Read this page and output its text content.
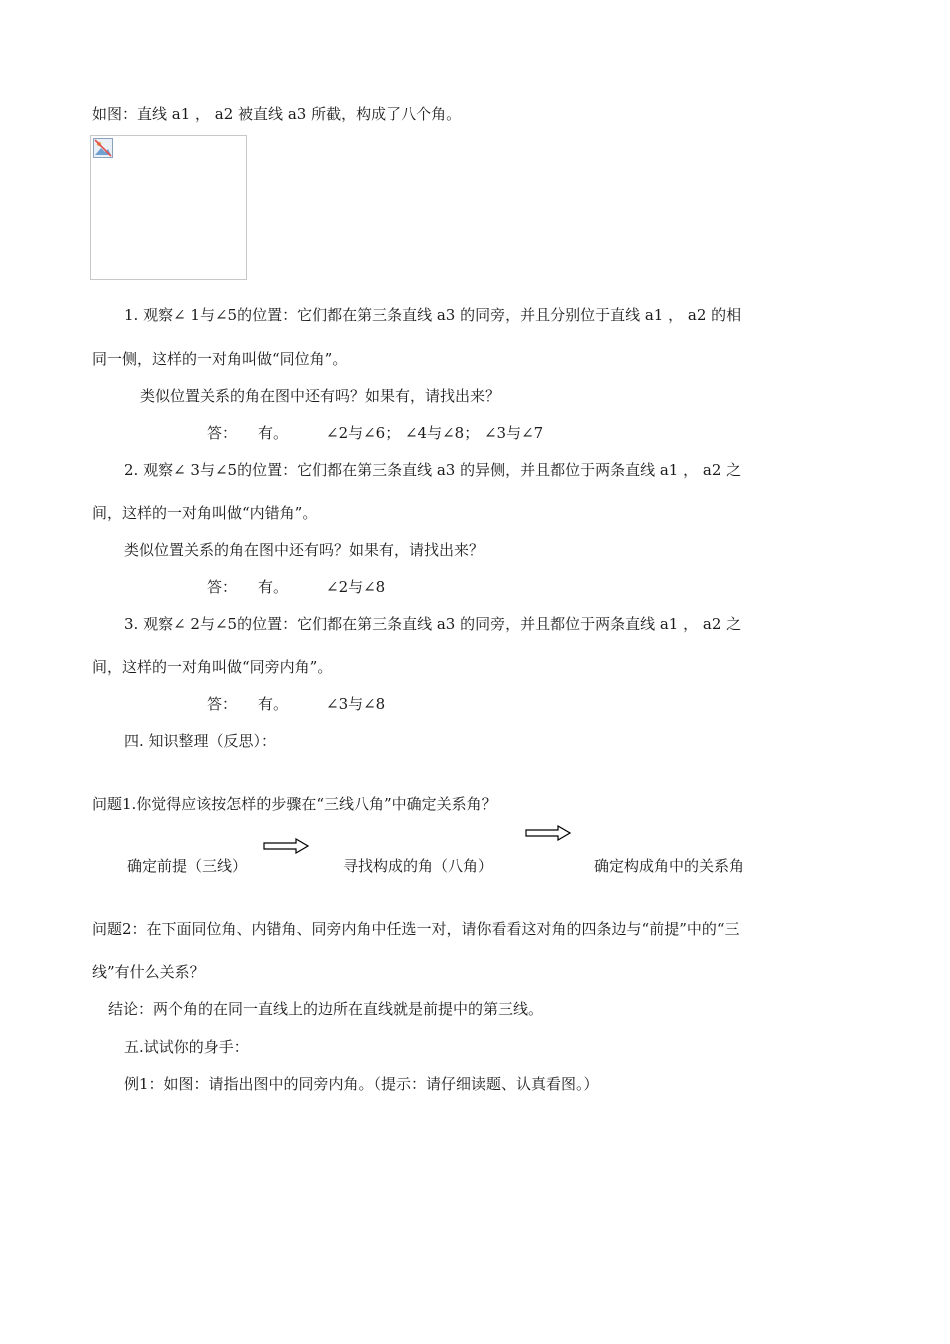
如图：直线 a1 ， a2 被直线 a3 所截，构成了八个角。
1. 观察∠ 1与∠5的位置：它们都在第三条直线 a3 的同旁，并且分别位于直线 a1 ， a2 的相
同一侧，这样的一对角叫做“同位角”。
类似位置关系的角在图中还有吗？如果有，请找出来？
答： 有。	∠2与∠6； ∠4与∠8； ∠3与∠7
2. 观察∠ 3与∠5的位置：它们都在第三条直线 a3 的异侧，并且都位于两条直线 a1 ， a2 之
间，这样的一对角叫做“内错角”。
类似位置关系的角在图中还有吗？如果有，请找出来？
答： 有。	∠2与∠8
3. 观察∠ 2与∠5的位置：它们都在第三条直线 a3 的同旁，并且都位于两条直线 a1 ， a2 之
间，这样的一对角叫做“同旁内角”。
答： 有。	∠3与∠8
四. 知识整理（反思）：
问题1.你觉得应该按怎样的步骤在“三线八角”中确定关系角？
确定前提（三线）	寻找构成的角（八角）	确定构成角中的关系角
问题2：在下面同位角、内错角、同旁内角中任选一对，请你看看这对角的四条边与“前提”中的“三
线”有什么关系？
结论：两个角的在同一直线上的边所在直线就是前提中的第三线。
五.试试你的身手：
例1：如图：请指出图中的同旁内角。（提示：请仔细读题、认真看图。）
